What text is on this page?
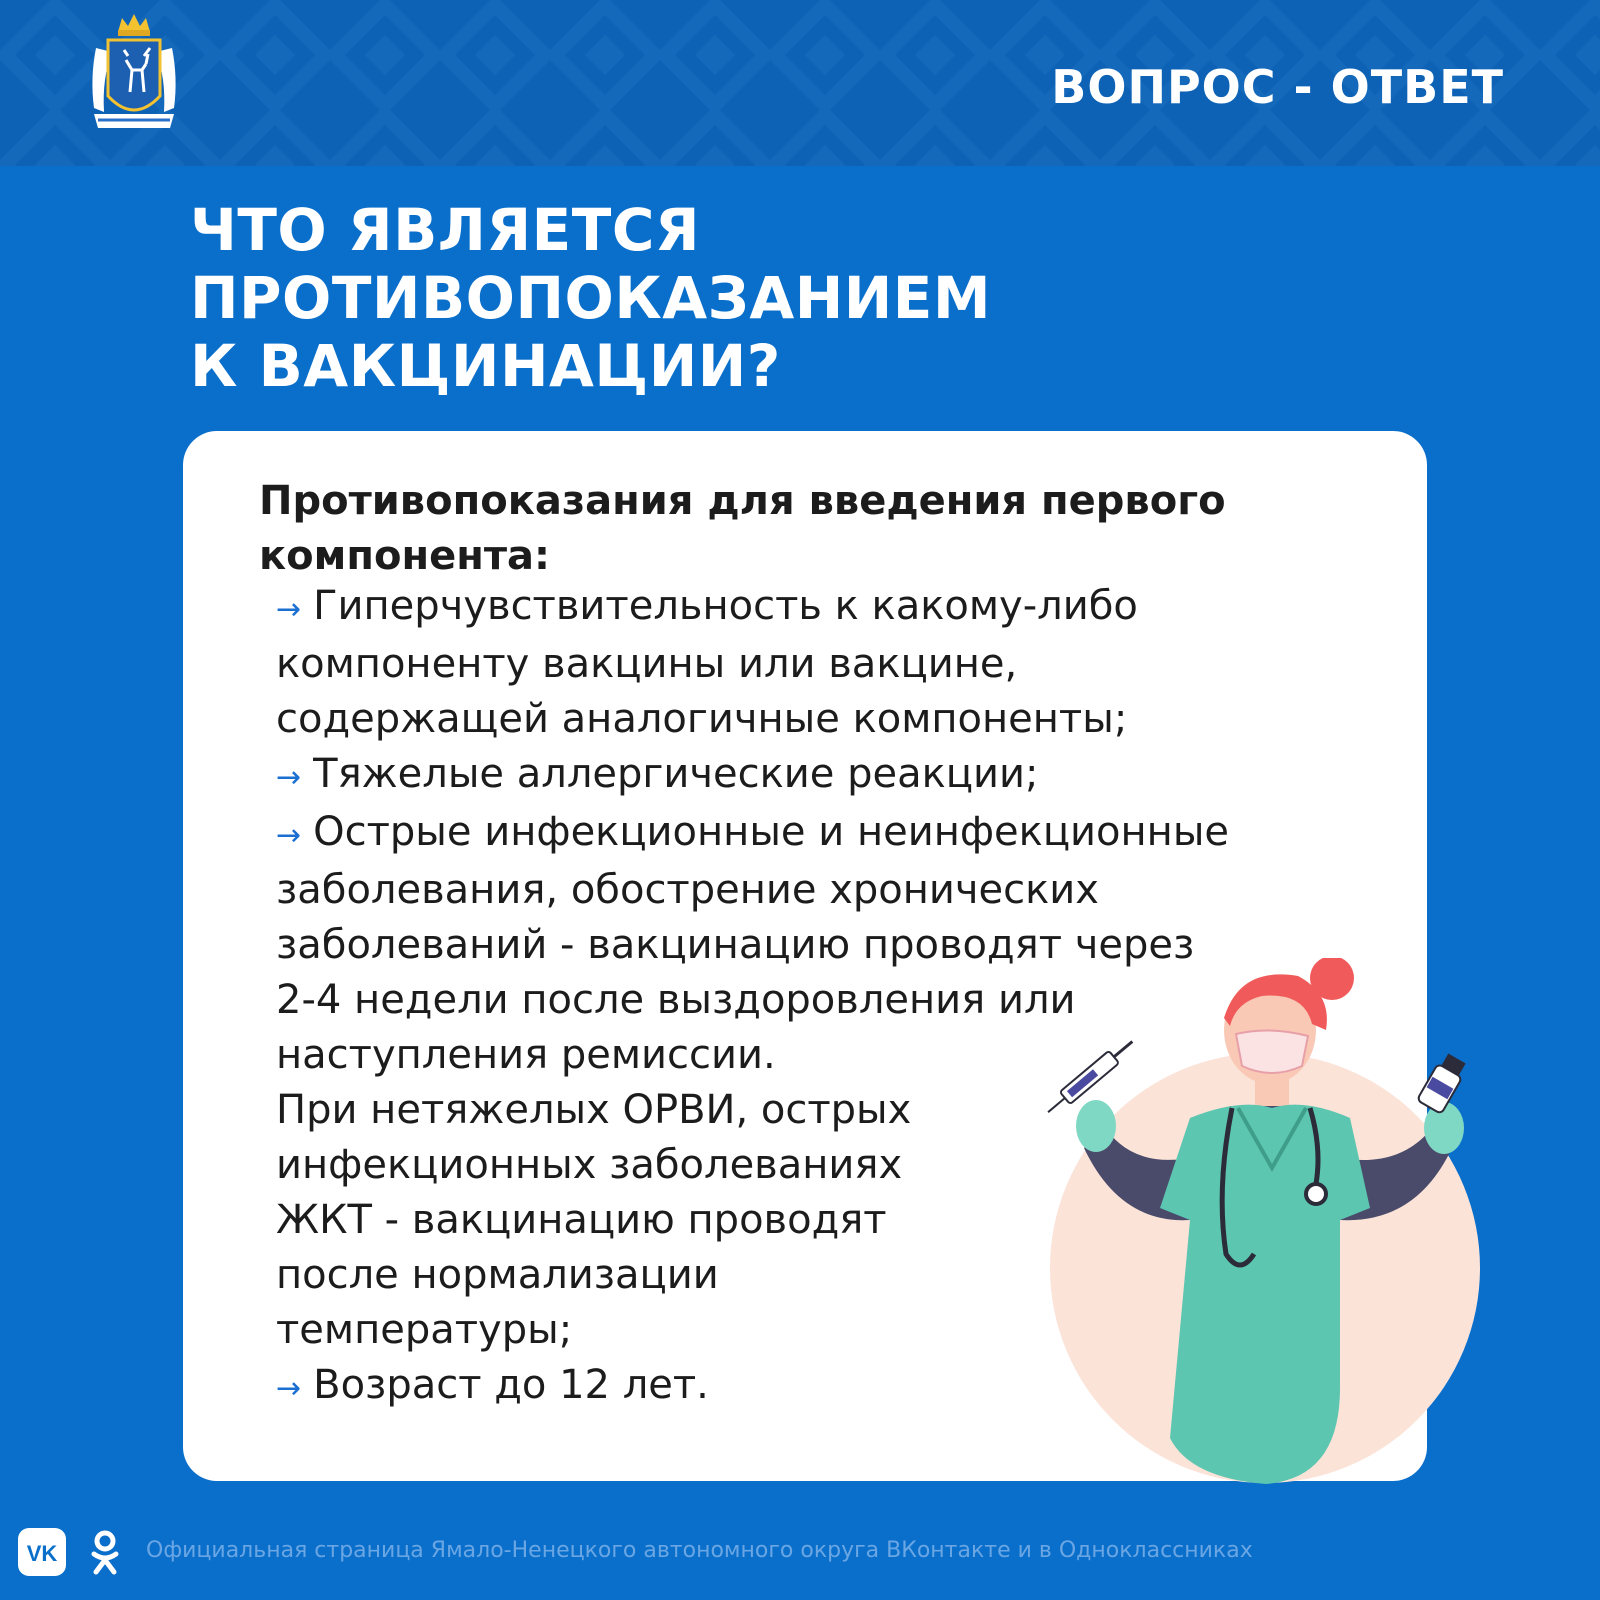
ВОПРОС - ОТВЕТ
ЧТО ЯВЛЯЕТСЯ
ПРОТИВОПОКАЗАНИЕМ
К ВАКЦИНАЦИИ?
Противопоказания для введения первого
компонента:
→ Гиперчувствительность к какому-либо
компоненту вакцины или вакцине,
содержащей аналогичные компоненты;
→ Тяжелые аллергические реакции;
→ Острые инфекционные и неинфекционные
заболевания, обострение хронических
заболеваний - вакцинацию проводят через
2-4 недели после выздоровления или
наступления ремиссии.
При нетяжелых ОРВИ, острых
инфекционных заболеваниях
ЖКТ - вакцинацию проводят
после нормализации
температуры;
→ Возраст до 12 лет.
VK	Официальная страница Ямало-Ненецкого автономного округа ВКонтакте и в Одноклассниках
